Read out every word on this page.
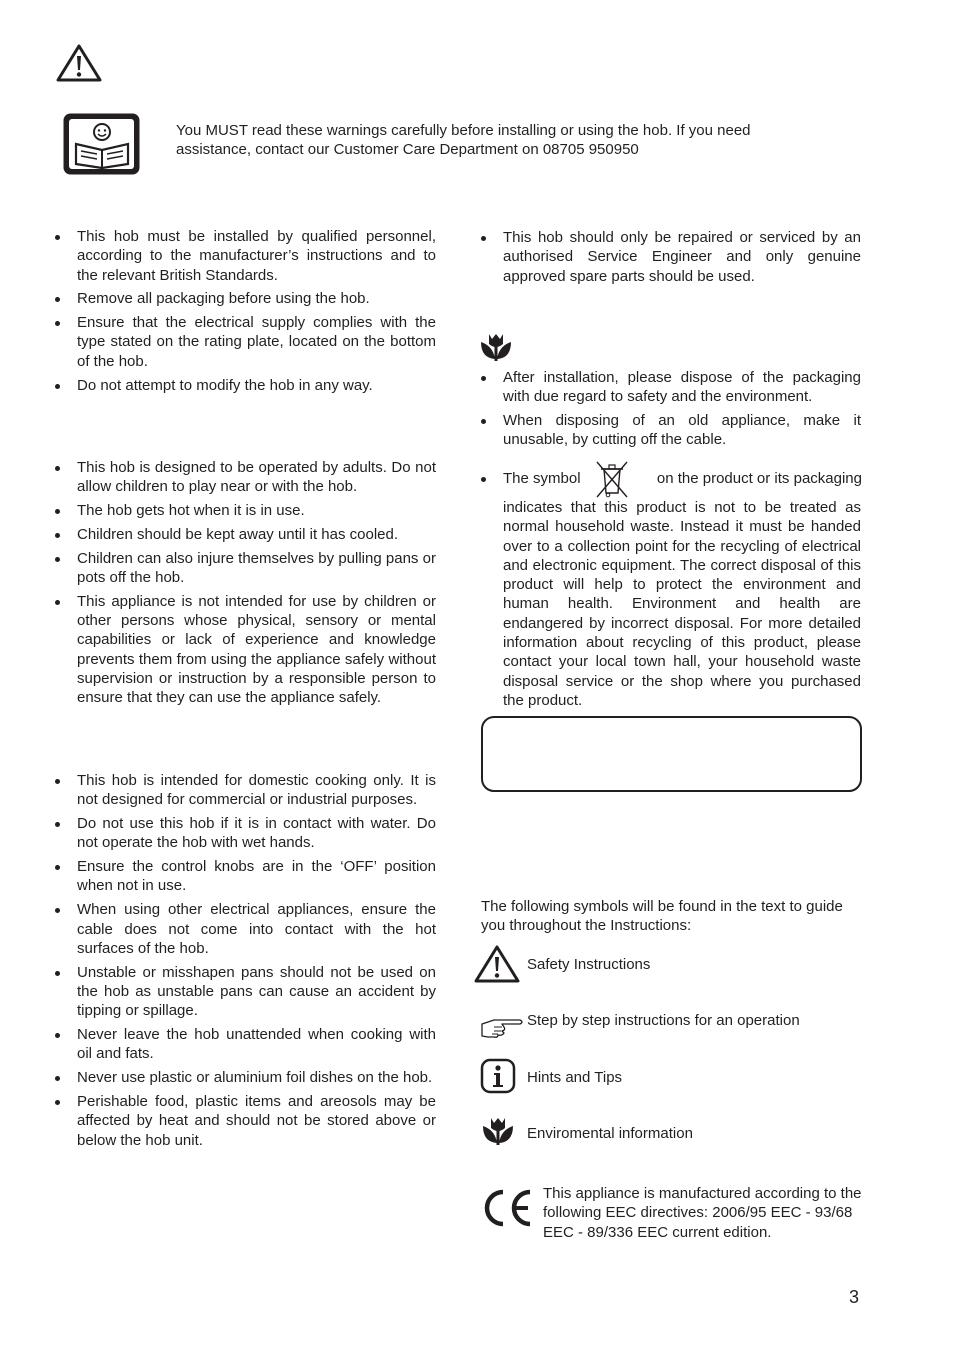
You MUST read these warnings carefully before installing or using the hob. If you need assistance, contact our Customer Care Department on 08705 950950
This hob must be installed by qualified personnel, according to the manufacturer’s instructions and to the relevant British Standards.
Remove all packaging before using the hob.
Ensure that the electrical supply complies with the type stated on the rating plate, located on the bottom of the hob.
Do not attempt to modify the hob in any way.
This hob is designed to be operated by adults. Do not allow children to play near or with the hob.
The hob gets hot when it is in use.
Children should be kept away until it has cooled.
Children can also injure themselves by pulling pans or pots off the hob.
This appliance is not intended for use by children or other persons whose physical, sensory or mental capabilities or lack of experience and knowledge prevents them from using the appliance safely without supervision or instruction by a responsible person to ensure that they can use the appliance safely.
This hob is intended for domestic cooking only. It is not designed for commercial or industrial purposes.
Do not use this hob if it is in contact with water. Do not operate the hob with wet hands.
Ensure the control knobs are in the ‘OFF’ position when not in use.
When using other electrical appliances, ensure the cable does not come into contact with the hot surfaces of the hob.
Unstable or misshapen pans should not be used on the hob as unstable pans can cause an accident by tipping or spillage.
Never leave the hob unattended when cooking with oil and fats.
Never use plastic or aluminium foil dishes on the hob.
Perishable food, plastic items and areosols may be affected by heat and should not be stored above or below the hob unit.
This hob should only be repaired or serviced by an authorised Service Engineer and only genuine approved spare parts should be used.
After installation, please dispose of the packaging with due regard to safety and the environment.
When disposing of an old appliance, make it unusable, by cutting off the cable.
The symbol	on the product or its packaging
indicates that this product is not to be treated as normal household waste. Instead it must be handed over to a collection point for the recycling of electrical and electronic equipment. The correct disposal of this product will help to protect the environment and human health. Environment and health are endangered by incorrect disposal. For more detailed information about recycling of this product, please contact your local town hall, your household waste disposal service or the shop where you purchased the product.
The following symbols will be found in the text to guide you throughout the Instructions:
Safety Instructions
Step by step instructions for an operation
Hints and Tips
Enviromental information
This appliance is manufactured according to the following EEC directives: 2006/95 EEC - 93/68 EEC - 89/336 EEC current edition.
3
